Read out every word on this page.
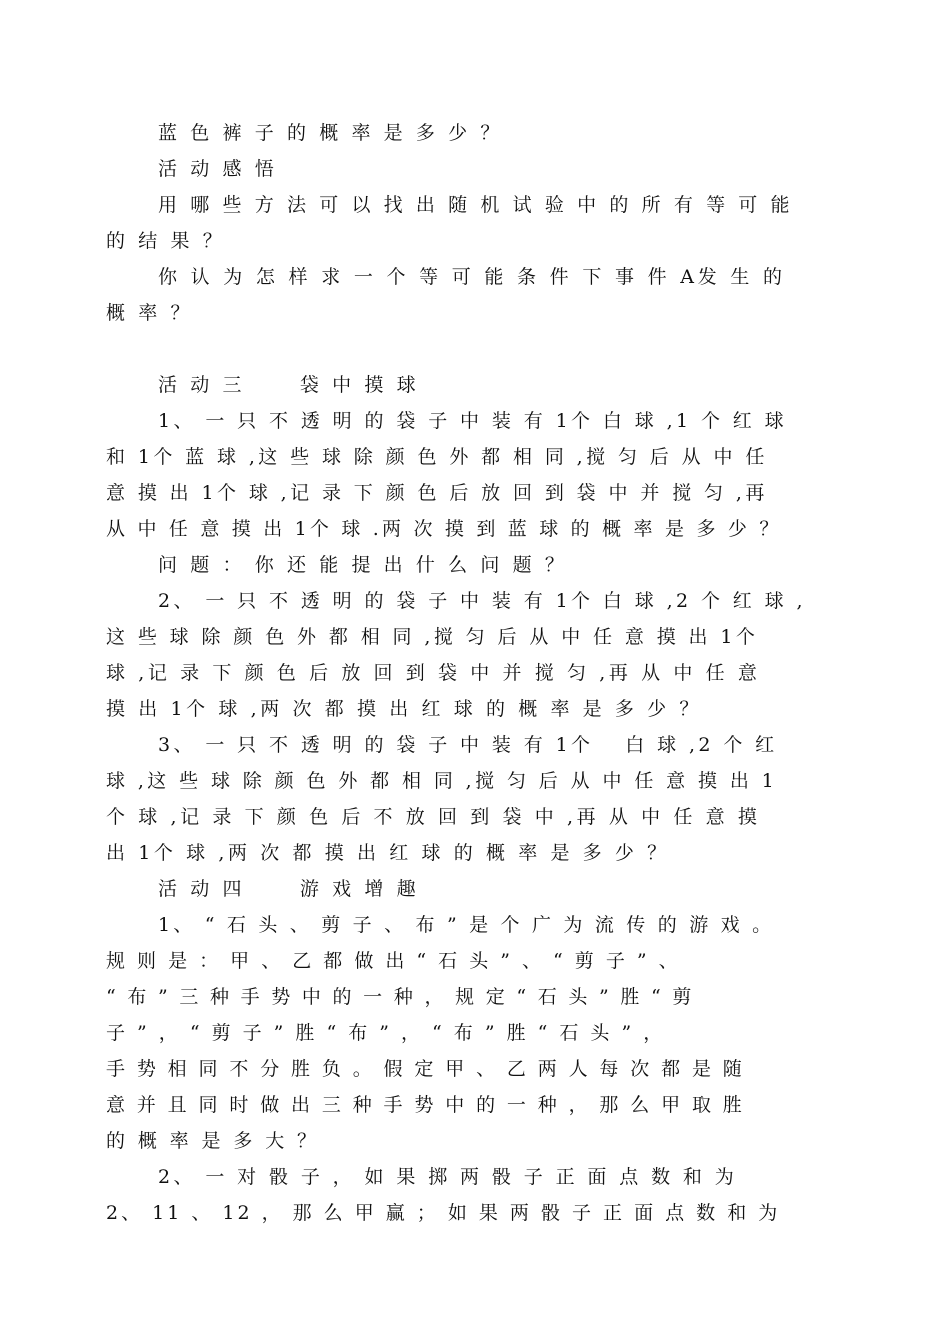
蓝 色 裤 子 的 概 率 是 多 少 ？
活 动 感 悟
用 哪 些 方 法 可 以 找 出 随 机 试 验 中 的 所 有 等 可 能
的 结 果 ？
你 认 为 怎 样 求 一 个 等 可 能 条 件 下 事 件 A发 生 的
概 率 ？
活 动 三　　 袋 中 摸 球
1、 一 只 不 透 明 的 袋 子 中 装 有 1个 白 球 ,1 个 红 球
和 1个 蓝 球 ,这 些 球 除 颜 色 外 都 相 同 ,搅 匀 后 从 中 任
意 摸 出 1个 球 ,记 录 下 颜 色 后 放 回 到 袋 中 并 搅 匀 ,再
从 中 任 意 摸 出 1个 球 .两 次 摸 到 蓝 球 的 概 率 是 多 少 ？
问 题 ： 你 还 能 提 出 什 么 问 题 ？
2、 一 只 不 透 明 的 袋 子 中 装 有 1个 白 球 ,2 个 红 球 ,
这 些 球 除 颜 色 外 都 相 同 ,搅 匀 后 从 中 任 意 摸 出 1个
球 ,记 录 下 颜 色 后 放 回 到 袋 中 并 搅 匀 ,再 从 中 任 意
摸 出 1个 球 ,两 次 都 摸 出 红 球 的 概 率 是 多 少 ？
3、 一 只 不 透 明 的 袋 子 中 装 有 1个　 白 球 ,2 个 红
球 ,这 些 球 除 颜 色 外 都 相 同 ,搅 匀 后 从 中 任 意 摸 出 1
个 球 ,记 录 下 颜 色 后 不 放 回 到 袋 中 ,再 从 中 任 意 摸
出 1个 球 ,两 次 都 摸 出 红 球 的 概 率 是 多 少 ？
活 动 四　　 游 戏 增 趣
1、 “ 石 头 、 剪 子 、 布 ” 是 个 广 为 流 传 的 游 戏 。
规 则 是 ： 甲 、 乙 都 做 出 “ 石 头 ” 、 “ 剪 子 ” 、
“ 布 ” 三 种 手 势 中 的 一 种 ， 规 定 “ 石 头 ” 胜 “ 剪
子 ” ， “ 剪 子 ” 胜 “ 布 ” ， “ 布 ” 胜 “ 石 头 ” ，
手 势 相 同 不 分 胜 负 。 假 定 甲 、 乙 两 人 每 次 都 是 随
意 并 且 同 时 做 出 三 种 手 势 中 的 一 种 ， 那 么 甲 取 胜
的 概 率 是 多 大 ？
2、 一 对 骰 子 ， 如 果 掷 两 骰 子 正 面 点 数 和 为
2、 11 、 12 ， 那 么 甲 赢 ； 如 果 两 骰 子 正 面 点 数 和 为
